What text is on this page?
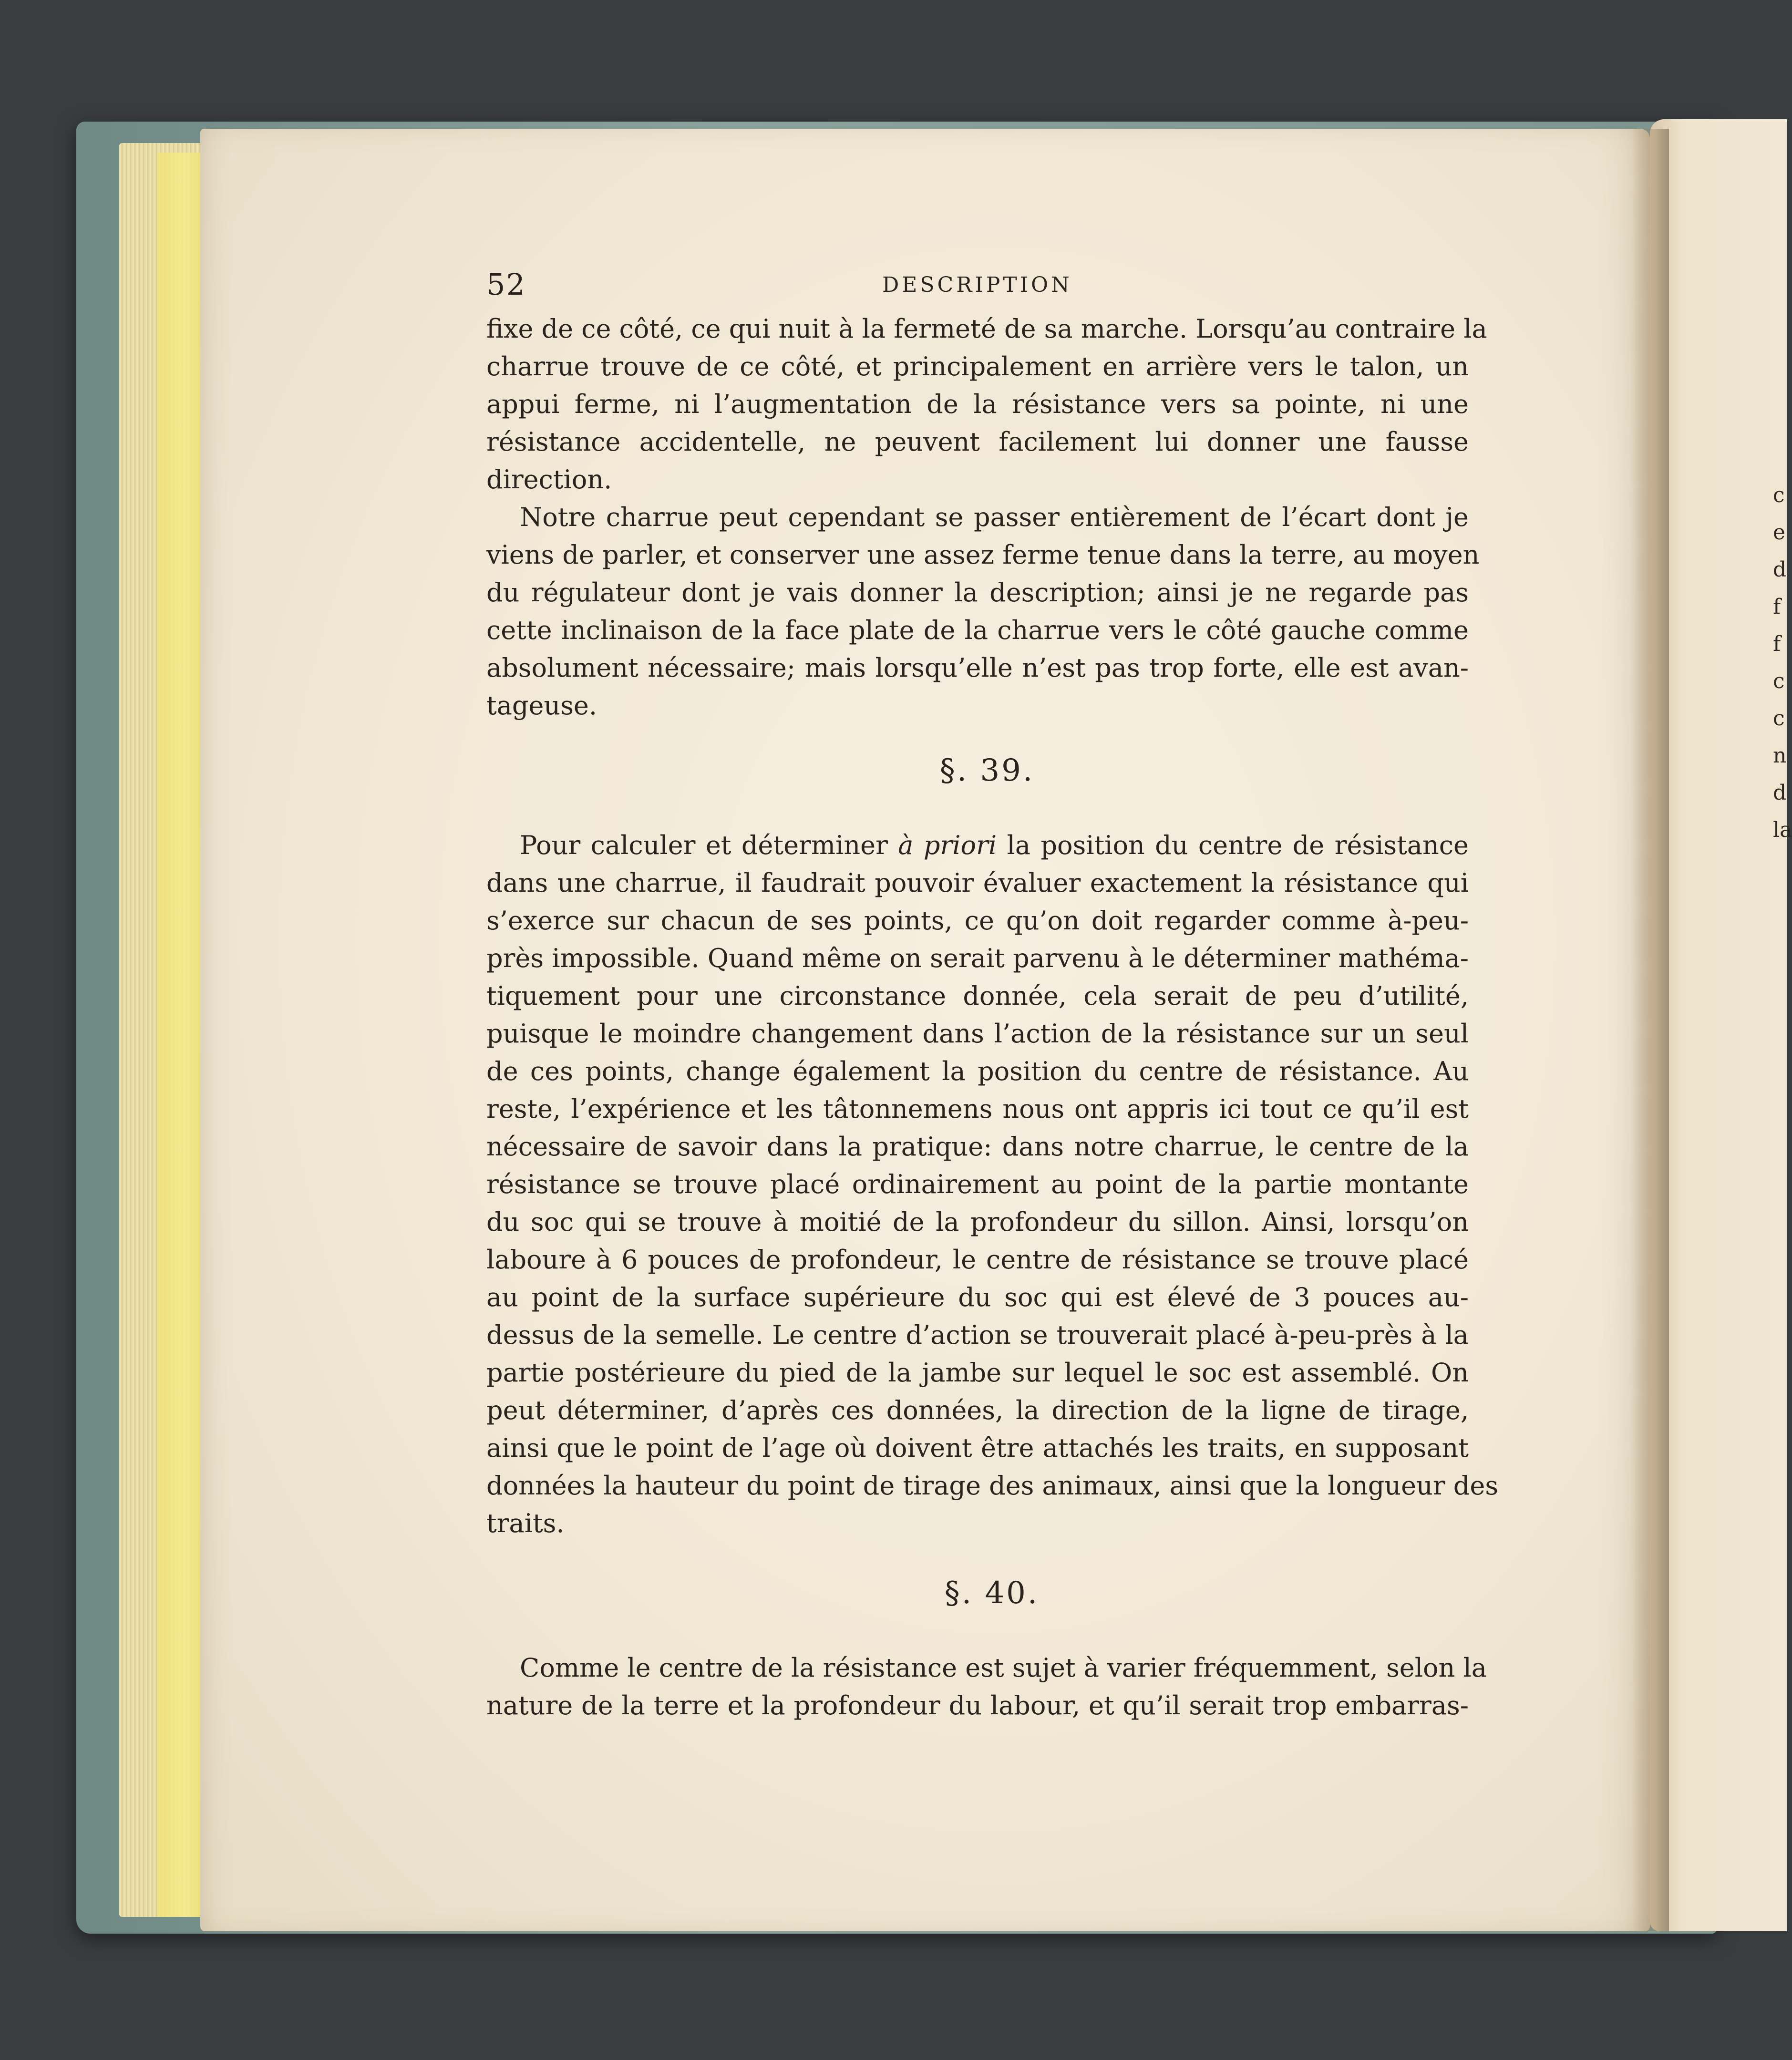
c
e
d
f
f
c
c
n
d
la
52	DESCRIPTION

fixe de ce côté, ce qui nuit à la fermeté de sa marche. Lorsqu’au contraire la
charrue trouve de ce côté, et principalement en arrière vers le talon, un
appui ferme, ni l’augmentation de la résistance vers sa pointe, ni une
résistance accidentelle, ne peuvent facilement lui donner une fausse
direction.

Notre charrue peut cependant se passer entièrement de l’écart dont je
viens de parler, et conserver une assez ferme tenue dans la terre, au moyen
du régulateur dont je vais donner la description; ainsi je ne regarde pas
cette inclinaison de la face plate de la charrue vers le côté gauche comme
absolument nécessaire; mais lorsqu’elle n’est pas trop forte, elle est avan-
tageuse.

§. 39.

Pour calculer et déterminer à priori la position du centre de résistance
dans une charrue, il faudrait pouvoir évaluer exactement la résistance qui
s’exerce sur chacun de ses points, ce qu’on doit regarder comme à-peu-
près impossible. Quand même on serait parvenu à le déterminer mathéma-
tiquement pour une circonstance donnée, cela serait de peu d’utilité,
puisque le moindre changement dans l’action de la résistance sur un seul
de ces points, change également la position du centre de résistance. Au
reste, l’expérience et les tâtonnemens nous ont appris ici tout ce qu’il est
nécessaire de savoir dans la pratique: dans notre charrue, le centre de la
résistance se trouve placé ordinairement au point de la partie montante
du soc qui se trouve à moitié de la profondeur du sillon. Ainsi, lorsqu’on
laboure à 6 pouces de profondeur, le centre de résistance se trouve placé
au point de la surface supérieure du soc qui est élevé de 3 pouces au-
dessus de la semelle. Le centre d’action se trouverait placé à-peu-près à la
partie postérieure du pied de la jambe sur lequel le soc est assemblé. On
peut déterminer, d’après ces données, la direction de la ligne de tirage,
ainsi que le point de l’age où doivent être attachés les traits, en supposant
données la hauteur du point de tirage des animaux, ainsi que la longueur des
traits.

§. 40.

Comme le centre de la résistance est sujet à varier fréquemment, selon la
nature de la terre et la profondeur du labour, et qu’il serait trop embarras-
